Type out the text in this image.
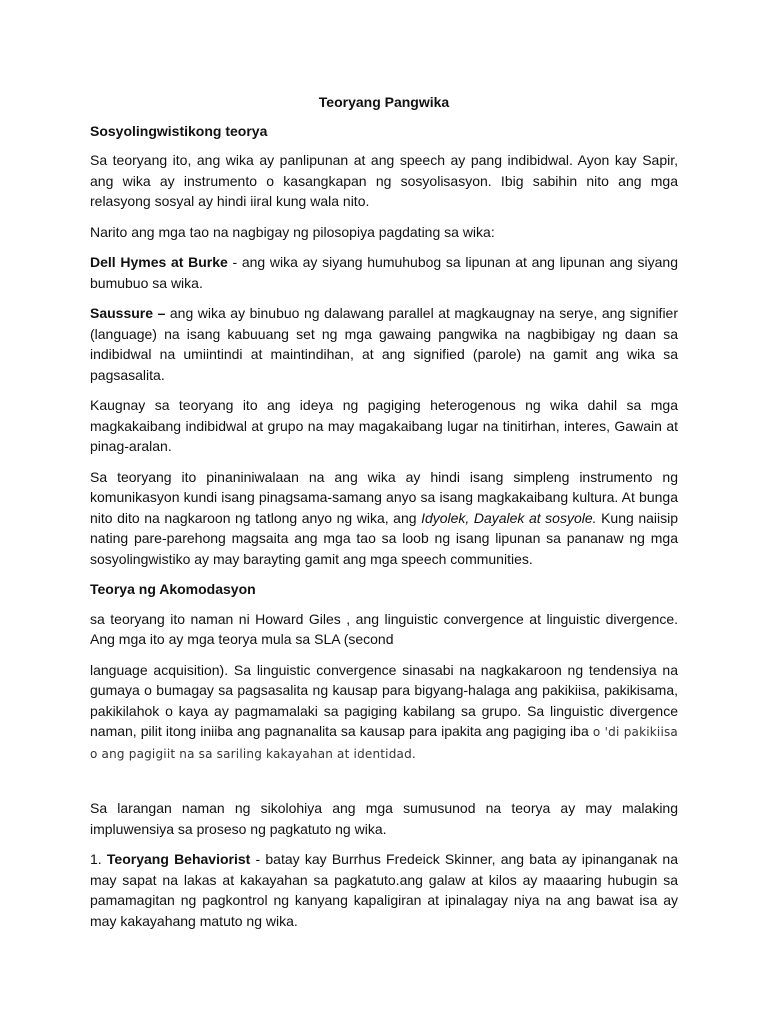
Teoryang Pangwika
Sosyolingwistikong teorya

Sa teoryang ito, ang wika ay panlipunan at ang speech ay pang indibidwal. Ayon kay Sapir, ang wika ay instrumento o kasangkapan ng sosyolisasyon. Ibig sabihin nito ang mga relasyong sosyal ay hindi iiral kung wala nito.

Narito ang mga tao na nagbigay ng pilosopiya pagdating sa wika:

Dell Hymes at Burke - ang wika ay siyang humuhubog sa lipunan at ang lipunan ang siyang bumubuo sa wika.

Saussure – ang wika ay binubuo ng dalawang parallel at magkaugnay na serye, ang signifier (language) na isang kabuuang set ng mga gawaing pangwika na nagbibigay ng daan sa indibidwal na umiintindi at maintindihan, at ang signified (parole) na gamit ang wika sa pagsasalita.

Kaugnay sa teoryang ito ang ideya ng pagiging heterogenous ng wika dahil sa mga magkakaibang indibidwal at grupo na may magakaibang lugar na tinitirhan, interes, Gawain at pinag-aralan.

Sa teoryang ito pinaniniwalaan na ang wika ay hindi isang simpleng instrumento ng komunikasyon kundi isang pinagsama-samang anyo sa isang magkakaibang kultura. At bunga nito dito na nagkaroon ng tatlong anyo ng wika, ang Idyolek, Dayalek at sosyole. Kung naiisip nating pare-parehong magsaita ang mga tao sa loob ng isang lipunan sa pananaw ng mga sosyolingwistiko ay may barayting gamit ang mga speech communities.

Teorya ng Akomodasyon

sa teoryang ito naman ni Howard Giles , ang linguistic convergence at linguistic divergence. Ang mga ito ay mga teorya mula sa SLA (second

language acquisition). Sa linguistic convergence sinasabi na nagkakaroon ng tendensiya na gumaya o bumagay sa pagsasalita ng kausap para bigyang-halaga ang pakikiisa, pakikisama, pakikilahok o kaya ay pagmamalaki sa pagiging kabilang sa grupo. Sa linguistic divergence naman, pilit itong iniiba ang pagnanalita sa kausap para ipakita ang pagiging iba o 'di pakikiisa o ang pagigiit na sa sariling kakayahan at identidad.

Sa larangan naman ng sikolohiya ang mga sumusunod na teorya ay may malaking impluwensiya sa proseso ng pagkatuto ng wika.

1. Teoryang Behaviorist - batay kay Burrhus Fredeick Skinner, ang bata ay ipinanganak na may sapat na lakas at kakayahan sa pagkatuto.ang galaw at kilos ay maaaring hubugin sa pamamagitan ng pagkontrol ng kanyang kapaligiran at ipinalagay niya na ang bawat isa ay may kakayahang matuto ng wika.
